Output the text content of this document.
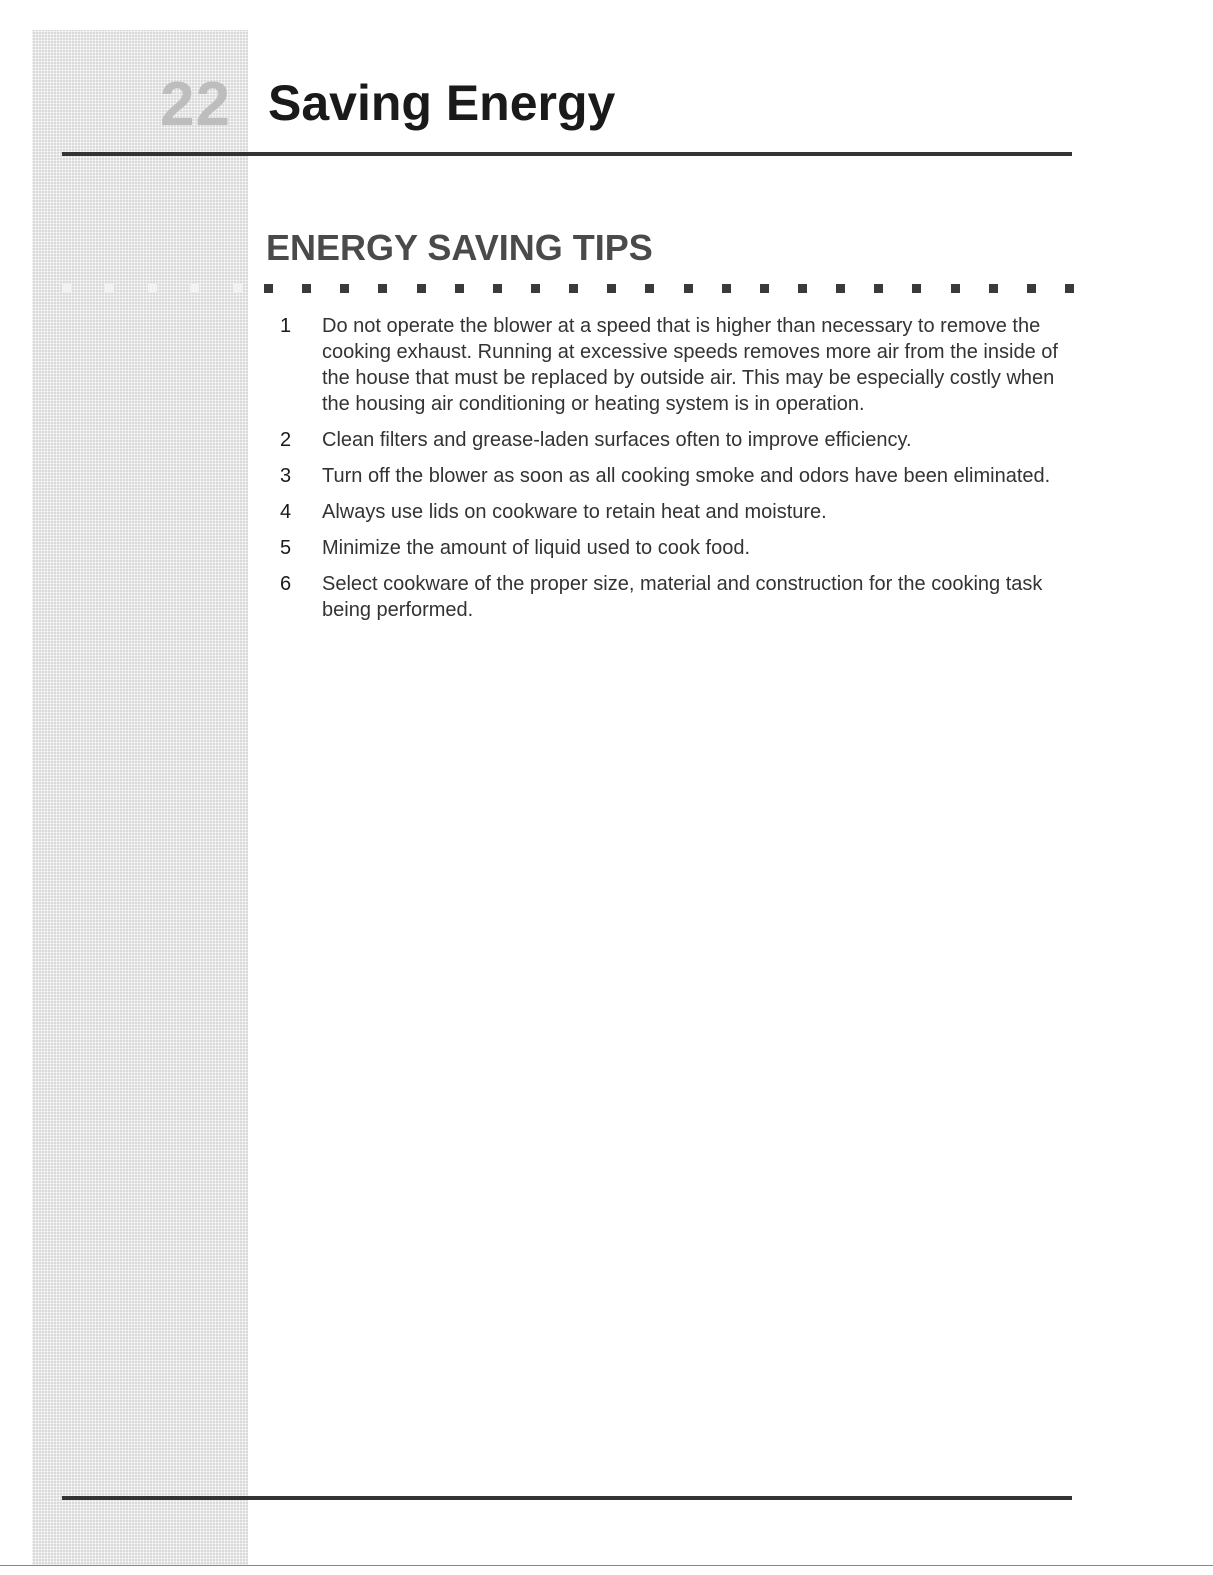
22 Saving Energy
ENERGY SAVING TIPS
1	Do not operate the blower at a speed that is higher than necessary to remove the cooking exhaust. Running at excessive speeds removes more air from the inside of the house that must be replaced by outside air. This may be especially costly when the housing air conditioning or heating system is in operation.
2	Clean filters and grease-laden surfaces often to improve efficiency.
3	Turn off the blower as soon as all cooking smoke and odors have been eliminated.
4	Always use lids on cookware to retain heat and moisture.
5	Minimize the amount of liquid used to cook food.
6	Select cookware of the proper size, material and construction for the cooking task being performed.
